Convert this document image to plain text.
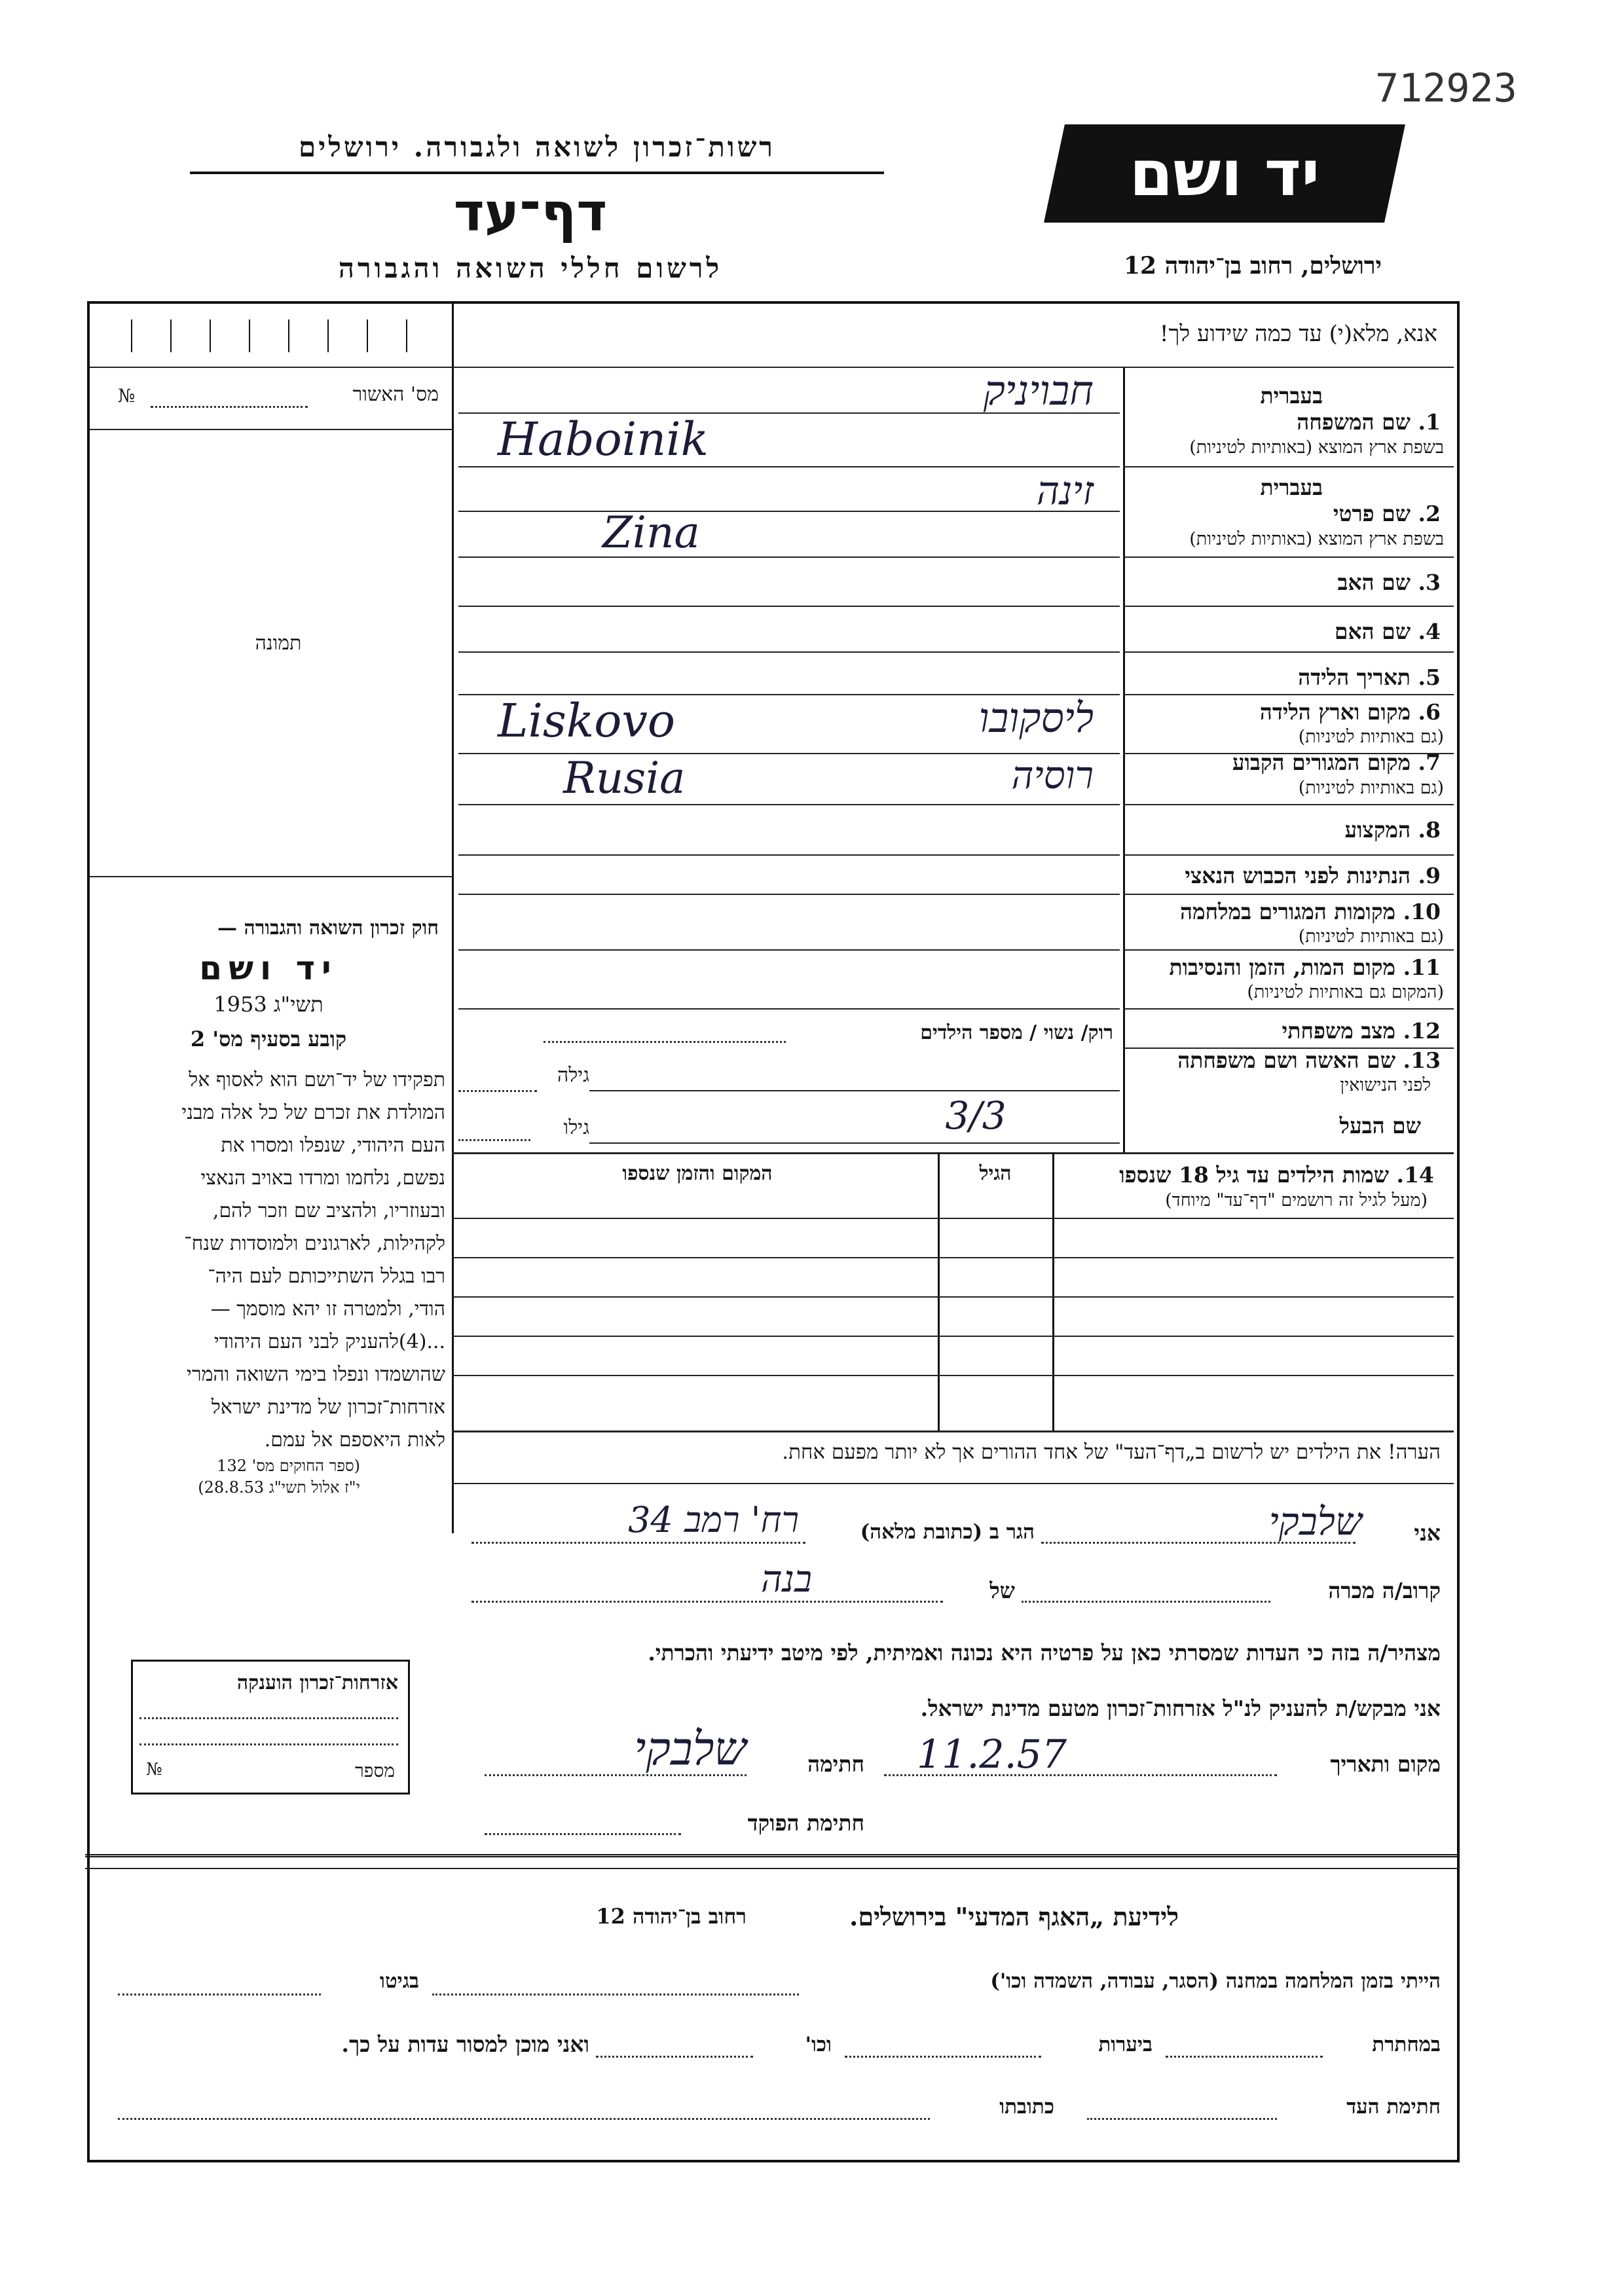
712923
יד ושם
רשות־זכרון לשואה ולגבורה. ירושלים
דף־עד
לרשום חללי השואה והגבורה	ירושלים, רחוב בן־יהודה 12
אנא, מלא(י) עד כמה שידוע לך!
מס' האשור
№
תמונה
בעברית
1. שם המשפחה
בשפת ארץ המוצא (באותיות לטיניות)
חבויניק
Haboinik
בעברית
2. שם פרטי
בשפת ארץ המוצא (באותיות לטיניות)
זינה
Zina
3. שם האב
4. שם האם
5. תאריך הלידה
6. מקום וארץ הלידה
(גם באותיות לטיניות)
ליסקובו
Liskovo
7. מקום המגורים הקבוע
(גם באותיות לטיניות)
רוסיה
Rusia
8. המקצוע
9. הנתינות לפני הכבוש הנאצי
10. מקומות המגורים במלחמה
(גם באותיות לטיניות)
11. מקום המות, הזמן והנסיבות
(המקום גם באותיות לטיניות)
12. מצב משפחתי
רוק/ נשוי / מספר הילדים
13. שם האשה ושם משפחתה
לפני הנישואין
גילה
שם הבעל
גילו	3/3
14. שמות הילדים עד גיל 18 שנספו
(מעל לגיל זה רושמים "דף־עד" מיוחד)
הגיל
המקום והזמן שנספו
חוק זכרון השואה והגבורה —
יד ושם
תשי"ג 1953
קובע בסעיף מס' 2
תפקידו של יד־ושם הוא לאסוף אל
המולדת את זכרם של כל אלה מבני
העם היהודי, שנפלו ומסרו את
נפשם, נלחמו ומרדו באויב הנאצי
ובעוזריו, ולהציב שם וזכר להם,
לקהילות, לארגונים ולמוסדות שנח־
רבו בגלל השתייכותם לעם היה־
הודי, ולמטרה זו יהא מוסמך —
...(4)להעניק לבני העם היהודי
שהושמדו ונפלו בימי השואה והמרי
אזרחות־זכרון של מדינת ישראל
לאות היאספם אל עמם.
(ספר החוקים מס' 132
י"ז אלול תשי"ג 28.8.53)
הערה! את הילדים יש לרשום ב„דף־העד" של אחד ההורים אך לא יותר מפעם אחת.
אני
שלבקי
הגר ב (כתובת מלאה)
רח' רמב 34
קרוב/ה מכרה
של
בנה
מצהיר/ה בזה כי העדות שמסרתי כאן על פרטיה היא נכונה ואמיתית, לפי מיטב ידיעתי והכרתי.
אני מבקש/ת להעניק לנ"ל אזרחות־זכרון מטעם מדינת ישראל.
מקום ותאריך
11.2.57
חתימה
שלבקי
חתימת הפוקד
אזרחות־זכרון הוענקה
מספר
№
לידיעת „האגף המדעי" בירושלים.
רחוב בן־יהודה 12
הייתי בזמן המלחמה במחנה (הסגר, עבודה, השמדה וכו')
בגיטו
במחתרת
ביערות
וכו'
ואני מוכן למסור עדות על כך.
חתימת העד
כתובתו
